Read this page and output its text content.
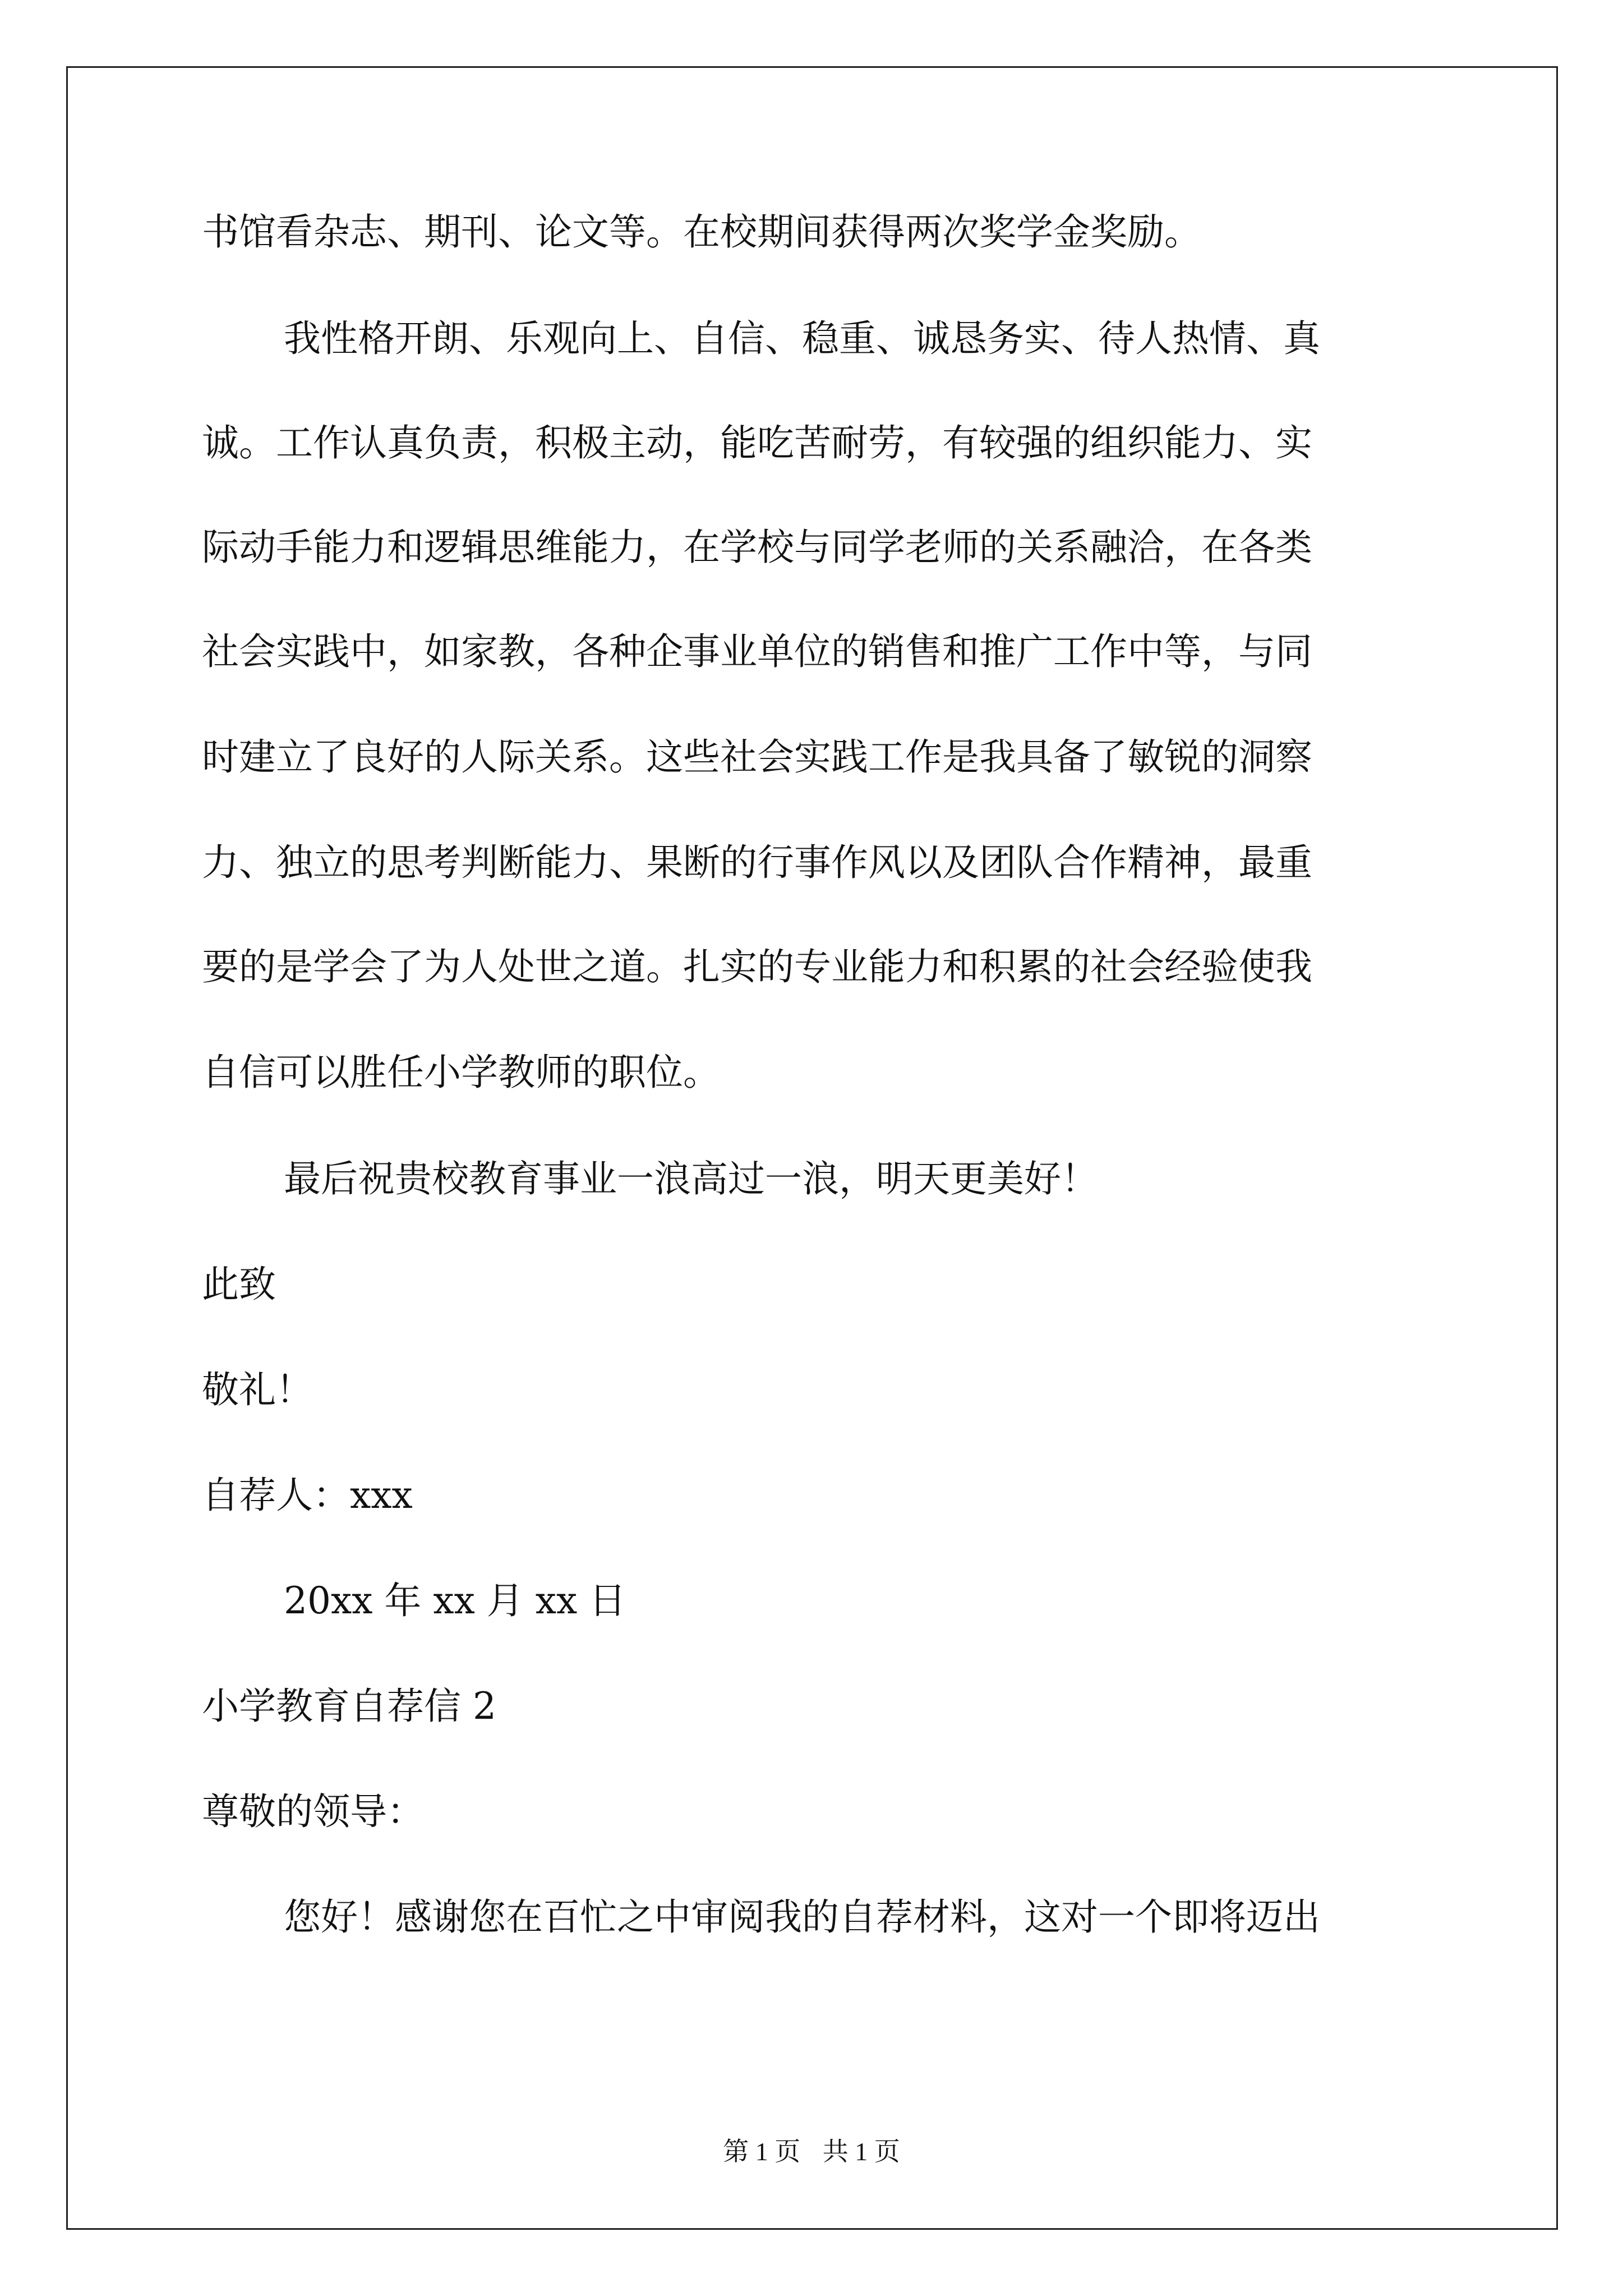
书馆看杂志、期刊、论文等。在校期间获得两次奖学金奖励。
我性格开朗、乐观向上、自信、稳重、诚恳务实、待人热情、真
诚。工作认真负责，积极主动，能吃苦耐劳，有较强的组织能力、实
际动手能力和逻辑思维能力，在学校与同学老师的关系融洽，在各类
社会实践中，如家教，各种企事业单位的销售和推广工作中等，与同
时建立了良好的人际关系。这些社会实践工作是我具备了敏锐的洞察
力、独立的思考判断能力、果断的行事作风以及团队合作精神，最重
要的是学会了为人处世之道。扎实的专业能力和积累的社会经验使我
自信可以胜任小学教师的职位。
最后祝贵校教育事业一浪高过一浪，明天更美好！
此致
敬礼！
自荐人：xxx
20xx 年 xx 月 xx 日
小学教育自荐信 2
尊敬的领导：
您好！感谢您在百忙之中审阅我的自荐材料，这对一个即将迈出
第 1 页 共 1 页
